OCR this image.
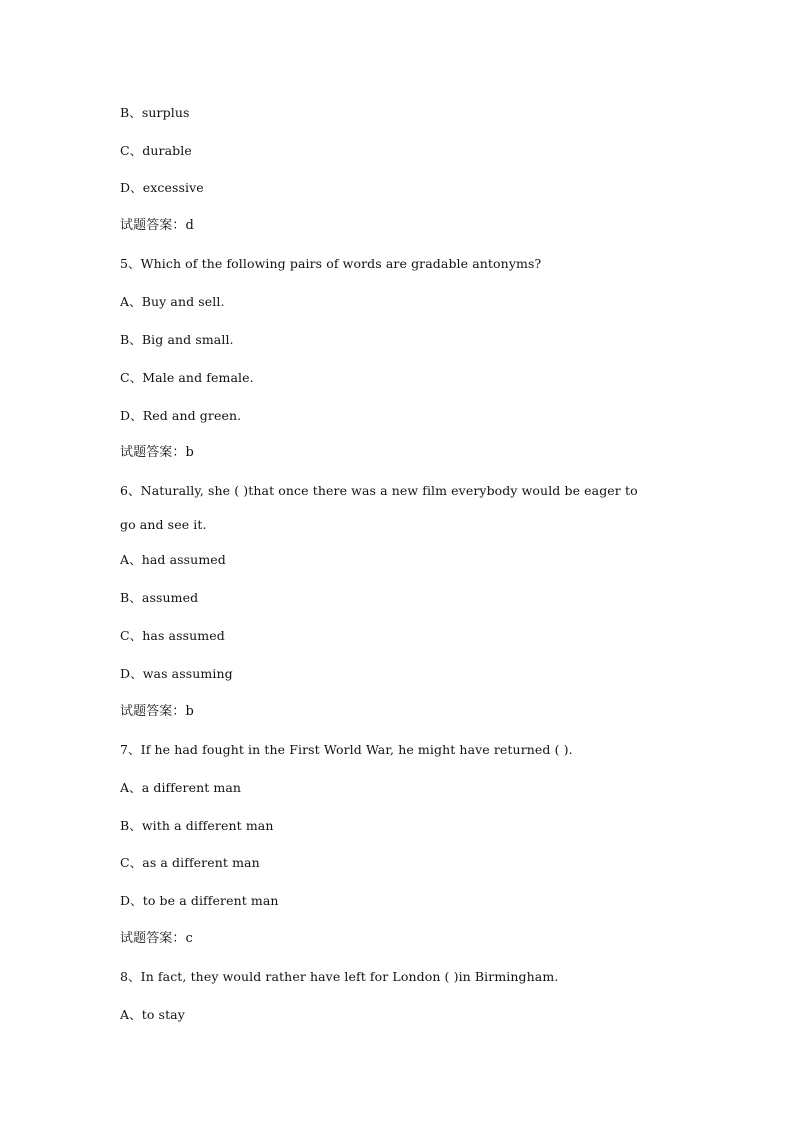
B、surplus
C、durable
D、excessive
试题答案：d
5、Which of the following pairs of words are gradable antonyms?
A、Buy and sell.
B、Big and small.
C、Male and female.
D、Red and green.
试题答案：b
6、Naturally, she ( )that once there was a new film everybody would be eager to
go and see it.
A、had assumed
B、assumed
C、has assumed
D、was assuming
试题答案：b
7、If he had fought in the First World War, he might have returned ( ).
A、a different man
B、with a different man
C、as a different man
D、to be a different man
试题答案：c
8、In fact, they would rather have left for London ( )in Birmingham.
A、to stay
